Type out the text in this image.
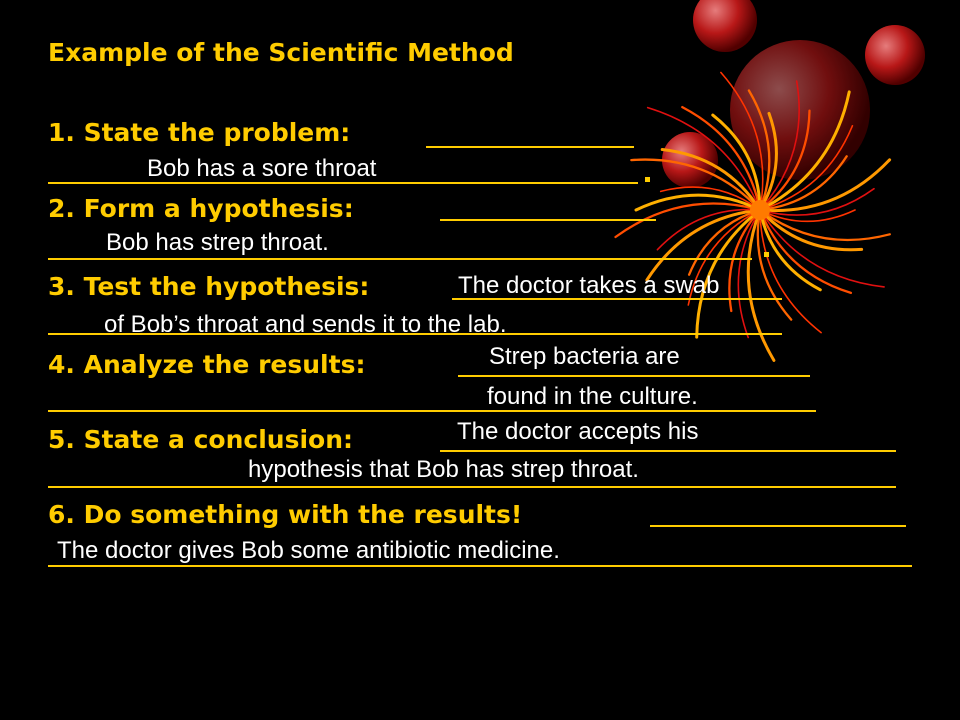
Example of the Scientific Method
1. State the problem:
Bob has a sore throat
2. Form a hypothesis:
Bob has strep throat.
3. Test the hypothesis:	The doctor takes a swab
of Bob’s throat and sends it to the lab.
4. Analyze the results:	Strep bacteria are
found in the culture.
5. State a conclusion:	The doctor accepts his
hypothesis that Bob has strep throat.
6. Do something with the results!
The doctor gives Bob some antibiotic medicine.
